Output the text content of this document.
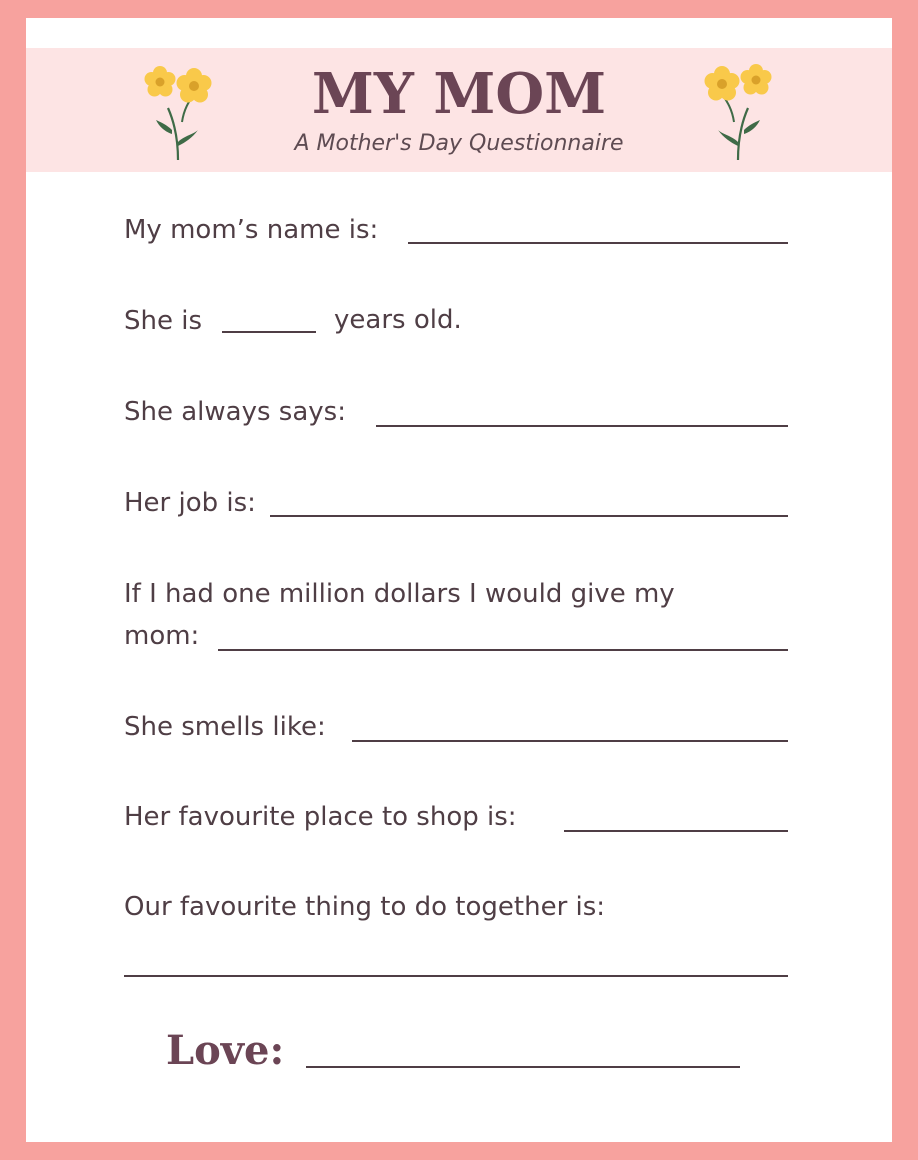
MY MOM
A Mother's Day Questionnaire
My mom’s name is:
She is	years old.
She always says:
Her job is:
If I had one million dollars I would give my
mom:
She smells like:
Her favourite place to shop is:
Our favourite thing to do together is:
Love:
